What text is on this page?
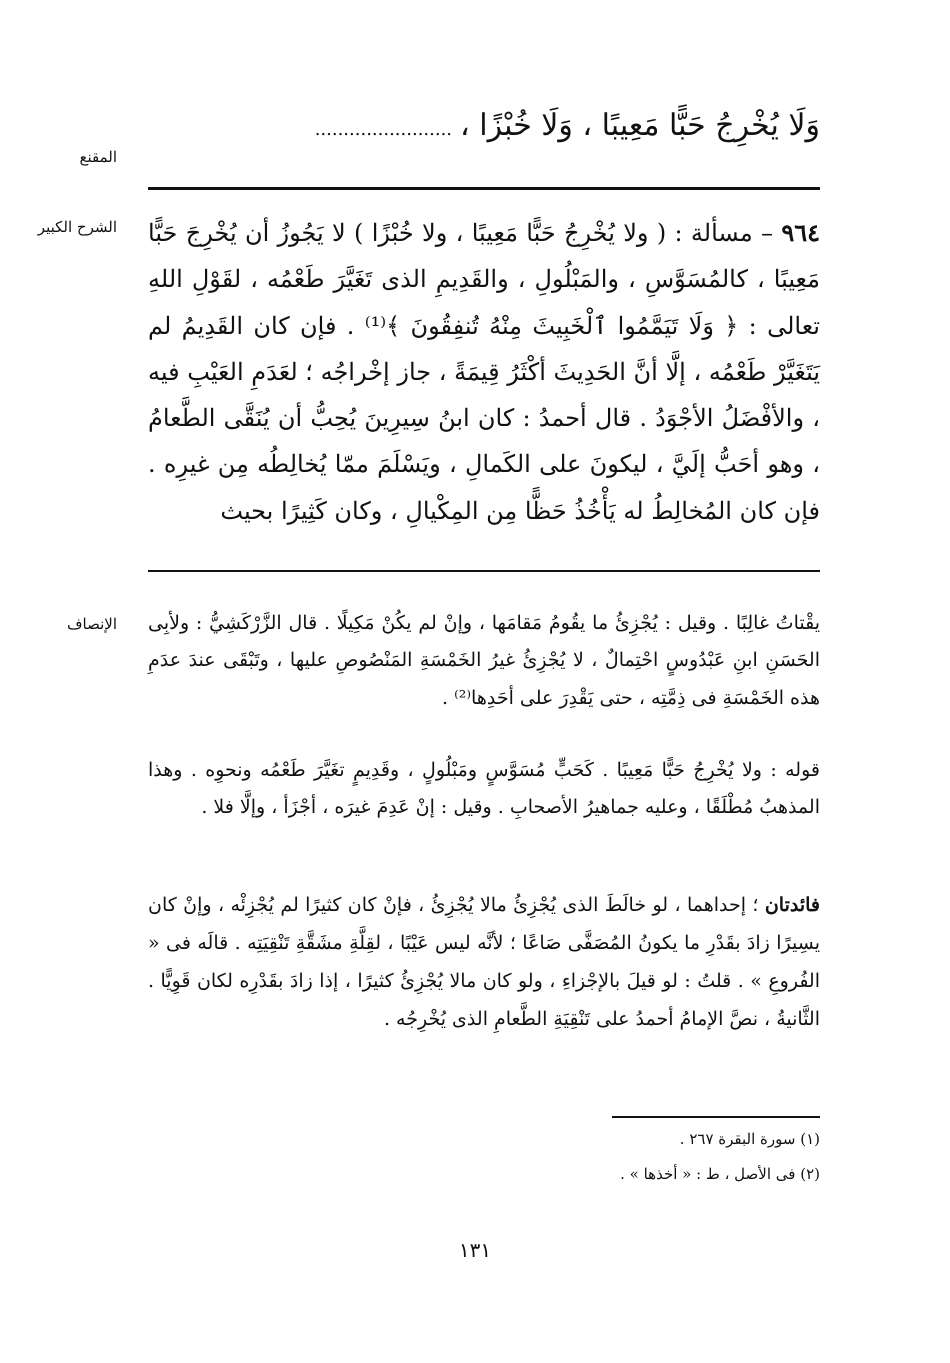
المقنع
وَلَا يُخْرِجُ حَبًّا مَعِيبًا ، وَلَا خُبْزًا ،........................
الشرح الكبير	٩٦٤ – مسألة : ( ولا يُخْرِجُ حَبًّا مَعِيبًا ، ولا خُبْزًا ) لا يَجُوزُ أن يُخْرِجَ حَبًّا مَعِيبًا ، كالمُسَوَّسِ ، والمَبْلُولِ ، والقَدِيمِ الذى تَغَيَّرَ طَعْمُه ، لقَوْلِ اللهِ تعالى : ﴿ وَلَا تَيَمَّمُوا ٱلْخَبِيثَ مِنْهُ تُنفِقُونَ ﴾⁽¹⁾ . فإن كان القَدِيمُ لم يَتَغَيَّرْ طَعْمُه ، إلَّا أنَّ الحَدِيثَ أكْثَرُ قِيمَةً ، جاز إخْراجُه ؛ لعَدَمِ العَيْبِ فيه ، والأفْضَلُ الأجْوَدُ . قال أحمدُ : كان ابنُ سِيرِينَ يُحِبُّ أن يُنَقَّى الطَّعامُ ، وهو أحَبُّ إلَيَّ ، ليكونَ على الكَمالِ ، ويَسْلَمَ ممّا يُخالِطُه مِن غيرِه . فإن كان المُخالِطُ له يَأْخُذُ حَظًّا مِن المِكْيالِ ، وكان كَثِيرًا بحيث
الإنصاف يقْتاتُ غالِبًا . وقيل : يُجْزِئُ ما يقُومُ مَقامَها ، وإنْ لم يكُنْ مَكِيلًا . قال الزَّرْكَشِيُّ : ولأبِى الحَسَنِ ابنِ عَبْدُوسٍ احْتِمالٌ ، لا يُجْزِئُ غيرُ الخَمْسَةِ المَنْصُوصِ عليها ، وتَبْقَى عندَ عدَمِ هذه الخَمْسَةِ فى ذِمَّتِه ، حتى يَقْدِرَ على أحَدِها⁽²⁾ .
قوله : ولا يُخْرِجُ حَبًّا مَعِيبًا . كَحَبٍّ مُسَوَّسٍ ومَبْلُولٍ ، وقَدِيمٍ تغَيَّرَ طَعْمُه ونحوِه . وهذا المذهبُ مُطْلَقًا ، وعليه جماهيرُ الأصحابِ . وقيل : إنْ عَدِمَ غيرَه ، أجْزَأ ، وإلَّا فلا .
فائدتان ؛ إحداهما ، لو خالَطَ الذى يُجْزِئُ مالا يُجْزِئُ ، فإنْ كان كثيرًا لم يُجْزِئْه ، وإنْ كان يسِيرًا زادَ بقَدْرِ ما يكونُ المُصَفَّى صَاعًا ؛ لأنَّه ليس عَيْبًا ، لقِلَّةِ مشَقَّةِ تَنْقِيَتِه . قالَه فى « الفُروعِ » . قلتُ : لو قيلَ بالإجْزاءِ ، ولو كان مالا يُجْزِئُ كثيرًا ، إذا زادَ بقَدْرِه لكان قَوِيًّا . الثَّانيةُ ، نصَّ الإمامُ أحمدُ على تَنْقِيَةِ الطَّعامِ الذى يُخْرِجُه .
(١) سورة البقرة ٢٦٧ .
(٢) فى الأصل ، ط : « أخذها » .
١٣١
